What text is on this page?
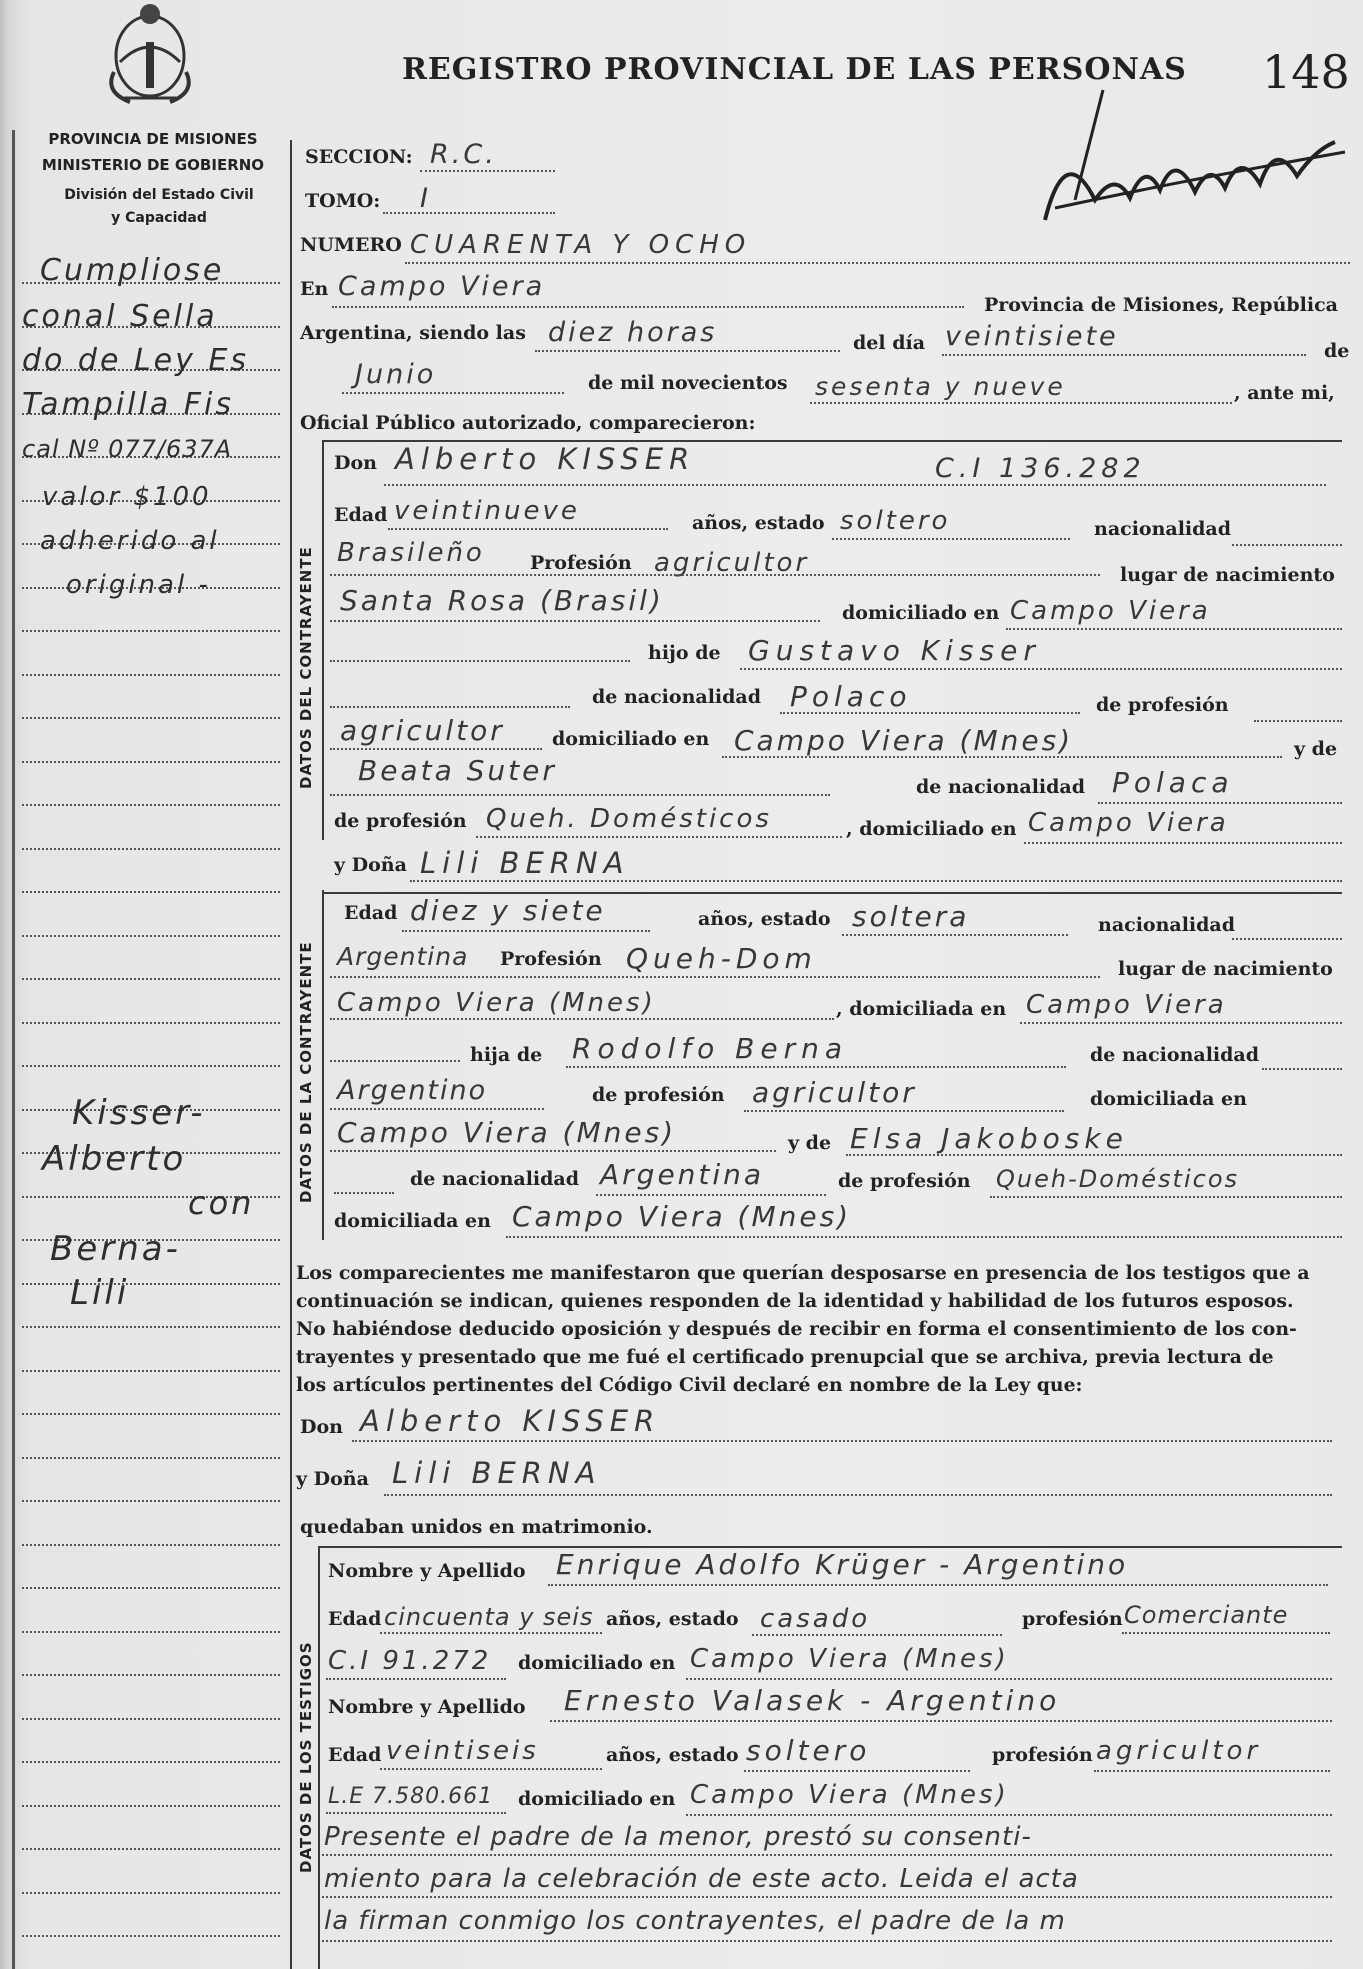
REGISTRO PROVINCIAL DE LAS PERSONAS 148
PROVINCIA DE MISIONES
MINISTERIO DE GOBIERNO
División del Estado Civil
y Capacidad
Cumpliose
conal Sella
do de Ley Es
Tampilla Fis
cal Nº 077/637A
valor $100
adherido al
original -
Kisser-
Alberto
con
Berna-
Lili
SECCION: R.C.
TOMO: I
NUMERO CUARENTA Y OCHO
En Campo Viera
Provincia de Misiones, República
Argentina, siendo las diez horas	del día veintisiete	de
Junio	de mil novecientos sesenta y nueve	, ante mi,
Oficial Público autorizado, comparecieron:
DATOS DEL CONTRAYENTE
DATOS DE LA CONTRAYENTE
DATOS DE LOS TESTIGOS
Don Alberto KISSER	C.I 136.282
Edad veintinueve	años, estado soltero	nacionalidad
Brasileño Profesión agricultor	lugar de nacimiento
Santa Rosa (Brasil)	domiciliado en Campo Viera
hijo de Gustavo Kisser
de nacionalidad Polaco	de profesión
agricultor domiciliado en Campo Viera (Mnes)	y de
Beata Suter	de nacionalidad Polaca
de profesión Queh. Domésticos	, domiciliado en Campo Viera
y Doña Lili BERNA
Edad diez y siete	años, estado soltera	nacionalidad
Argentina Profesión Queh-Dom	lugar de nacimiento
Campo Viera (Mnes)	, domiciliada en Campo Viera
hija de Rodolfo Berna	de nacionalidad
Argentino	de profesión agricultor	domiciliada en
Campo Viera (Mnes)	y de Elsa Jakoboske
de nacionalidad Argentina	de profesión Queh-Domésticos
domiciliada en Campo Viera (Mnes)
Los comparecientes me manifestaron que querían desposarse en presencia de los testigos que a
continuación se indican, quienes responden de la identidad y habilidad de los futuros esposos.
No habiéndose deducido oposición y después de recibir en forma el consentimiento de los con-
trayentes y presentado que me fué el certificado prenupcial que se archiva, previa lectura de
los artículos pertinentes del Código Civil declaré en nombre de la Ley que:
Don Alberto KISSER
y Doña Lili BERNA
quedaban unidos en matrimonio.
Nombre y Apellido Enrique Adolfo Krüger - Argentino
Edad cincuenta y seis años, estado casado	profesión Comerciante
C.I 91.272 domiciliado en Campo Viera (Mnes)
Nombre y Apellido Ernesto Valasek - Argentino
Edad veintiseis	años, estado soltero	profesión agricultor
L.E 7.580.661 domiciliado en Campo Viera (Mnes)
Presente el padre de la menor, prestó su consenti-
miento para la celebración de este acto. Leida el acta
la firman conmigo los contrayentes, el padre de la m
